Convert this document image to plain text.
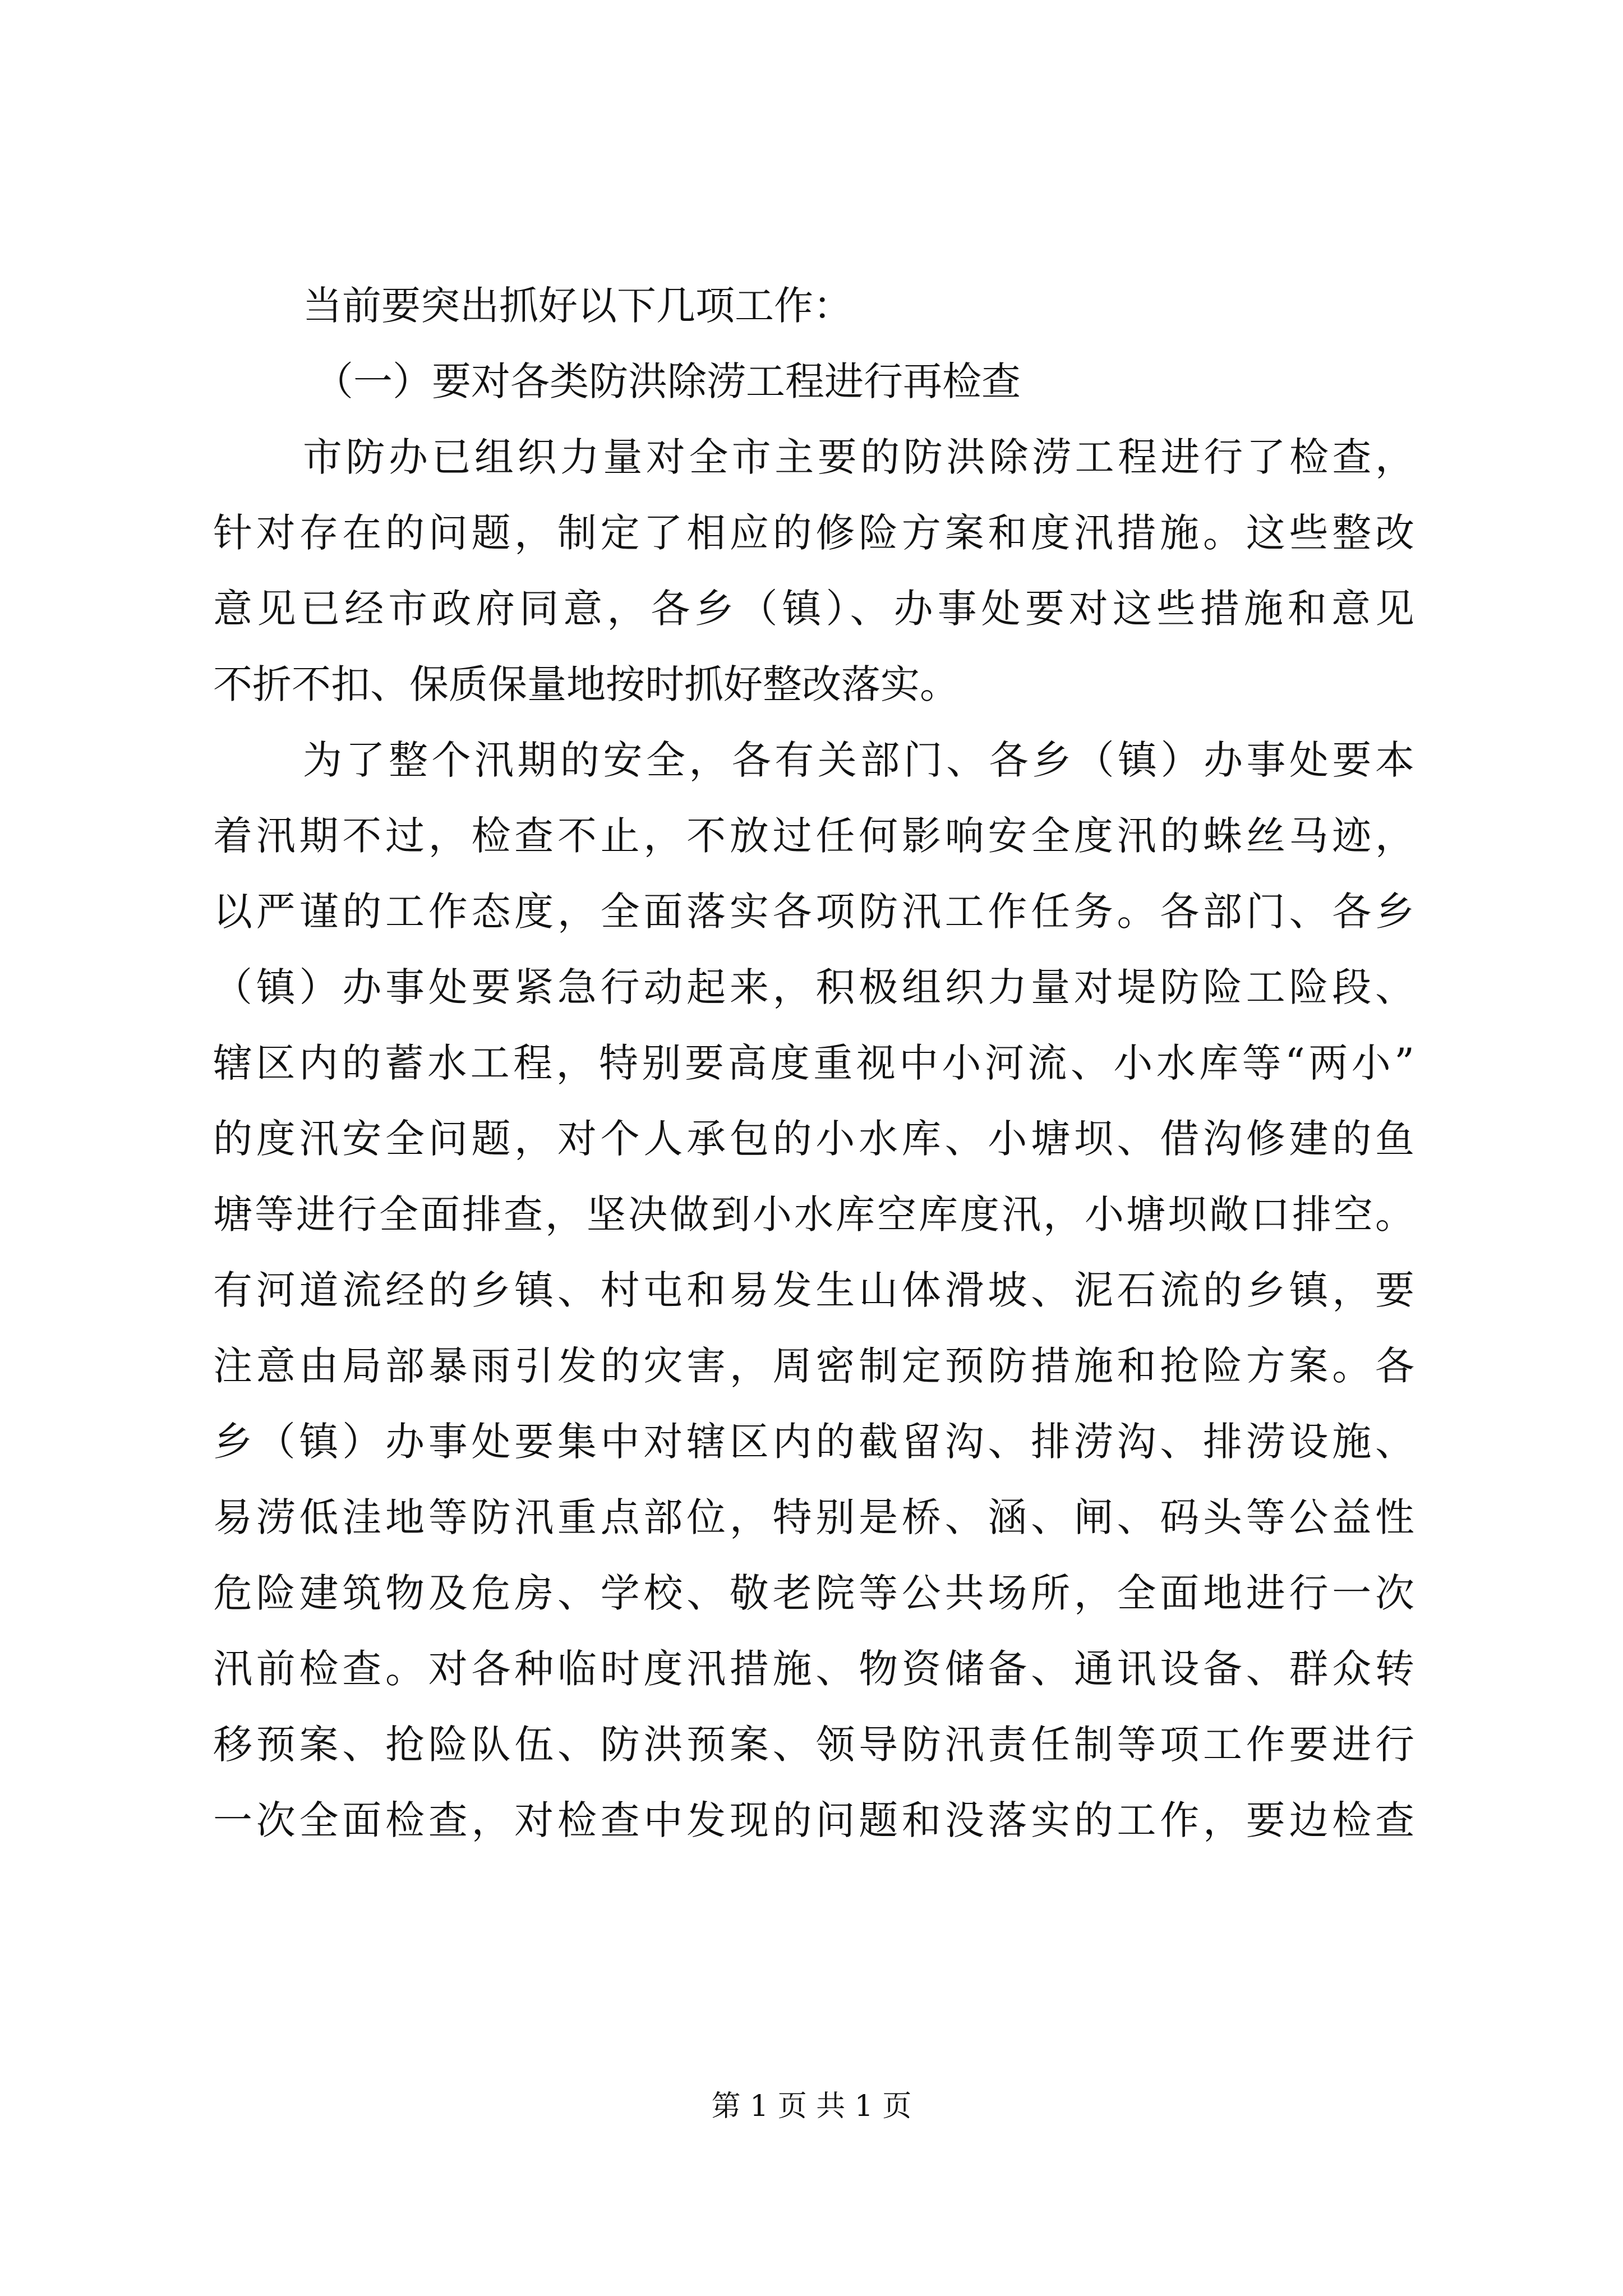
当前要突出抓好以下几项工作：

（一）要对各类防洪除涝工程进行再检查

市防办已组织力量对全市主要的防洪除涝工程进行了检查，

针对存在的问题，制定了相应的修险方案和度汛措施。这些整改

意见已经市政府同意，各乡（镇）、办事处要对这些措施和意见

不折不扣、保质保量地按时抓好整改落实。

为了整个汛期的安全，各有关部门、各乡（镇）办事处要本

着汛期不过，检查不止，不放过任何影响安全度汛的蛛丝马迹，

以严谨的工作态度，全面落实各项防汛工作任务。各部门、各乡

（镇）办事处要紧急行动起来，积极组织力量对堤防险工险段、

辖区内的蓄水工程，特别要高度重视中小河流、小水库等“两小”

的度汛安全问题，对个人承包的小水库、小塘坝、借沟修建的鱼

塘等进行全面排查，坚决做到小水库空库度汛，小塘坝敞口排空。

有河道流经的乡镇、村屯和易发生山体滑坡、泥石流的乡镇，要

注意由局部暴雨引发的灾害，周密制定预防措施和抢险方案。各

乡（镇）办事处要集中对辖区内的截留沟、排涝沟、排涝设施、

易涝低洼地等防汛重点部位，特别是桥、涵、闸、码头等公益性

危险建筑物及危房、学校、敬老院等公共场所，全面地进行一次

汛前检查。对各种临时度汛措施、物资储备、通讯设备、群众转

移预案、抢险队伍、防洪预案、领导防汛责任制等项工作要进行

一次全面检查，对检查中发现的问题和没落实的工作，要边检查

第 1 页 共 1 页
